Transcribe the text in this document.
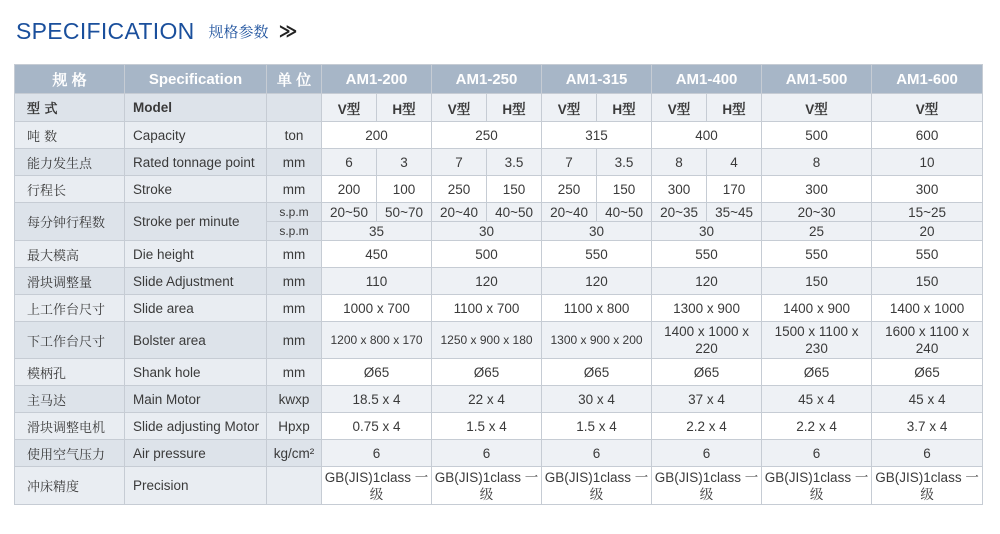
SPECIFICATION 规格参数 ≫
规 格	Specification	单 位	AM1-200		AM1-250		AM1-315		AM1-400		AM1-500	AM1-600
型 式	Model		V型	H型	V型	H型	V型	H型	V型	H型	V型	V型
吨 数	Capacity	ton	200		250		315		400		500	600
能力发生点	Rated tonnage point	mm	6	3	7	3.5	7	3.5	8	4	8	10
行程长	Stroke	mm	200	100	250	150	250	150	300	170	300	300
每分钟行程数	Stroke per minute	s.p.m	20~50	50~70	20~40	40~50	20~40	40~50	20~35	35~45	20~30	15~25
		s.p.m	35		30		30		30		25	20
最大模高	Die height	mm	450		500		550		550		550	550
滑块调整量	Slide Adjustment	mm	110		120		120		120		150	150
上工作台尺寸	Slide area	mm	1000 x 700		1100 x 700		1100 x 800		1300 x 900		1400 x 900	1400 x 1000
下工作台尺寸	Bolster area	mm	1200 x 800 x 170		1250 x 900 x 180		1300 x 900 x 200		1400 x 1000 x 220		1500 x 1100 x 230	1600 x 1100 x 240
模柄孔	Shank hole	mm	Ø65		Ø65		Ø65		Ø65		Ø65	Ø65
主马达	Main Motor	kwxp	18.5 x 4		22 x 4		30 x 4		37 x 4		45 x 4	45 x 4
滑块调整电机	Slide adjusting Motor	Hpxp	0.75 x 4		1.5 x 4		1.5 x 4		2.2 x 4		2.2 x 4	3.7 x 4
使用空气压力	Air pressure	kg/cm²	6		6		6		6		6	6
冲床精度	Precision		GB(JIS)1class 一级		GB(JIS)1class 一级		GB(JIS)1class 一级		GB(JIS)1class 一级		GB(JIS)1class 一级	GB(JIS)1class 一级
